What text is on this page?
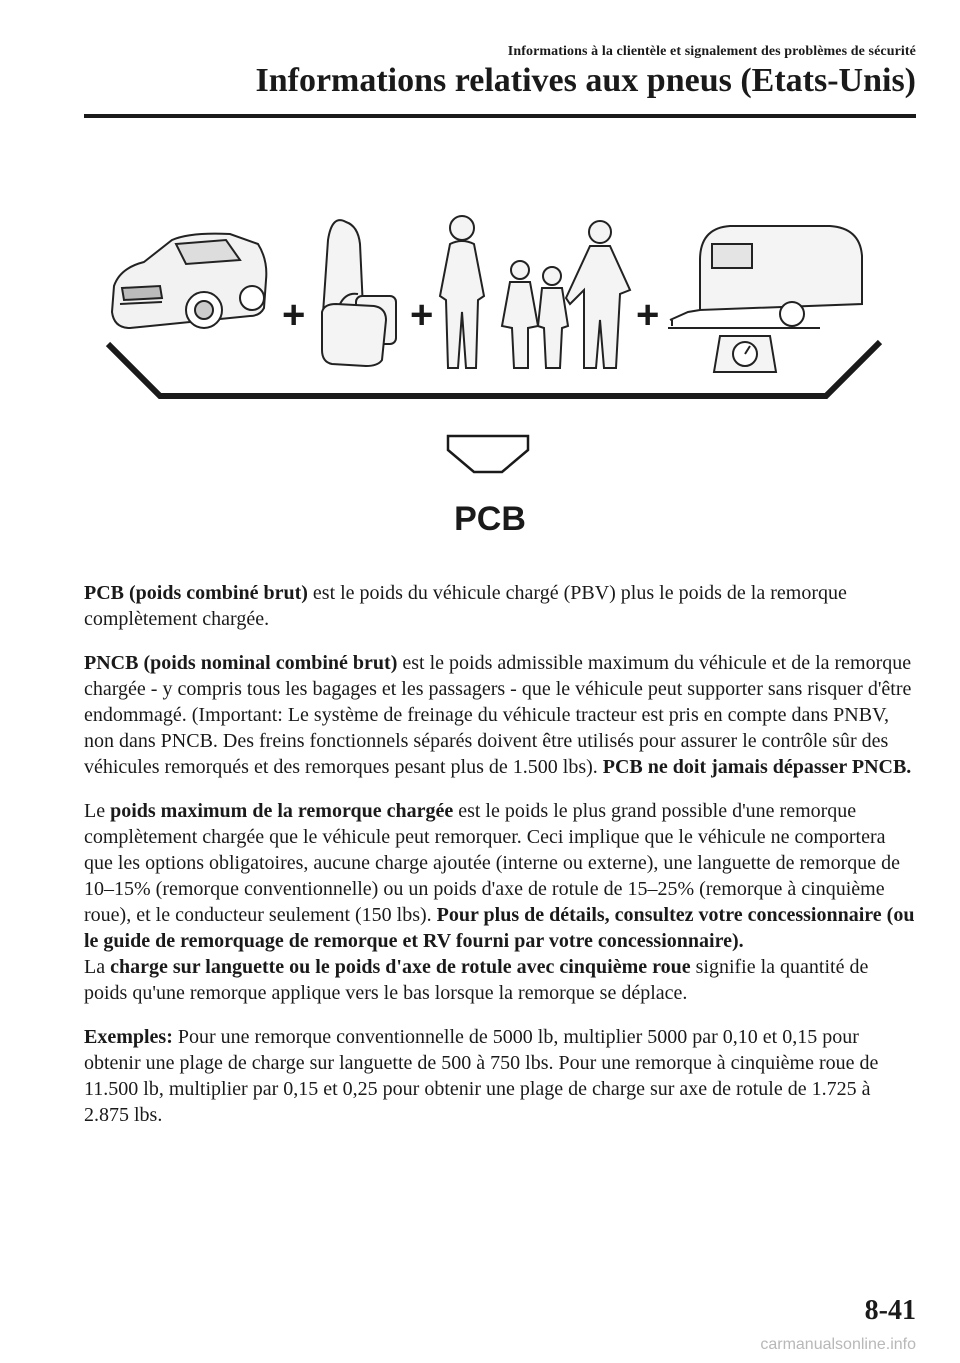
Informations à la clientèle et signalement des problèmes de sécurité
Informations relatives aux pneus (Etats-Unis)
+	+	+
PCB

PCB (poids combiné brut) est le poids du véhicule chargé (PBV) plus le poids de la remorque complètement chargée.

PNCB (poids nominal combiné brut) est le poids admissible maximum du véhicule et de la remorque chargée - y compris tous les bagages et les passagers - que le véhicule peut supporter sans risquer d'être endommagé. (Important: Le système de freinage du véhicule tracteur est pris en compte dans PNBV, non dans PNCB. Des freins fonctionnels séparés doivent être utilisés pour assurer le contrôle sûr des véhicules remorqués et des remorques pesant plus de 1.500 lbs). PCB ne doit jamais dépasser PNCB.

Le poids maximum de la remorque chargée est le poids le plus grand possible d'une remorque complètement chargée que le véhicule peut remorquer. Ceci implique que le véhicule ne comportera que les options obligatoires, aucune charge ajoutée (interne ou externe), une languette de remorque de 10–15% (remorque conventionnelle) ou un poids d'axe de rotule de 15–25% (remorque à cinquième roue), et le conducteur seulement (150 lbs). Pour plus de détails, consultez votre concessionnaire (ou le guide de remorquage de remorque et RV fourni par votre concessionnaire).

La charge sur languette ou le poids d'axe de rotule avec cinquième roue signifie la quantité de poids qu'une remorque applique vers le bas lorsque la remorque se déplace.

Exemples: Pour une remorque conventionnelle de 5000 lb, multiplier 5000 par 0,10 et 0,15 pour obtenir une plage de charge sur languette de 500 à 750 lbs. Pour une remorque à cinquième roue de 11.500 lb, multiplier par 0,15 et 0,25 pour obtenir une plage de charge sur axe de rotule de 1.725 à 2.875 lbs.

8-41
carmanualsonline.info
